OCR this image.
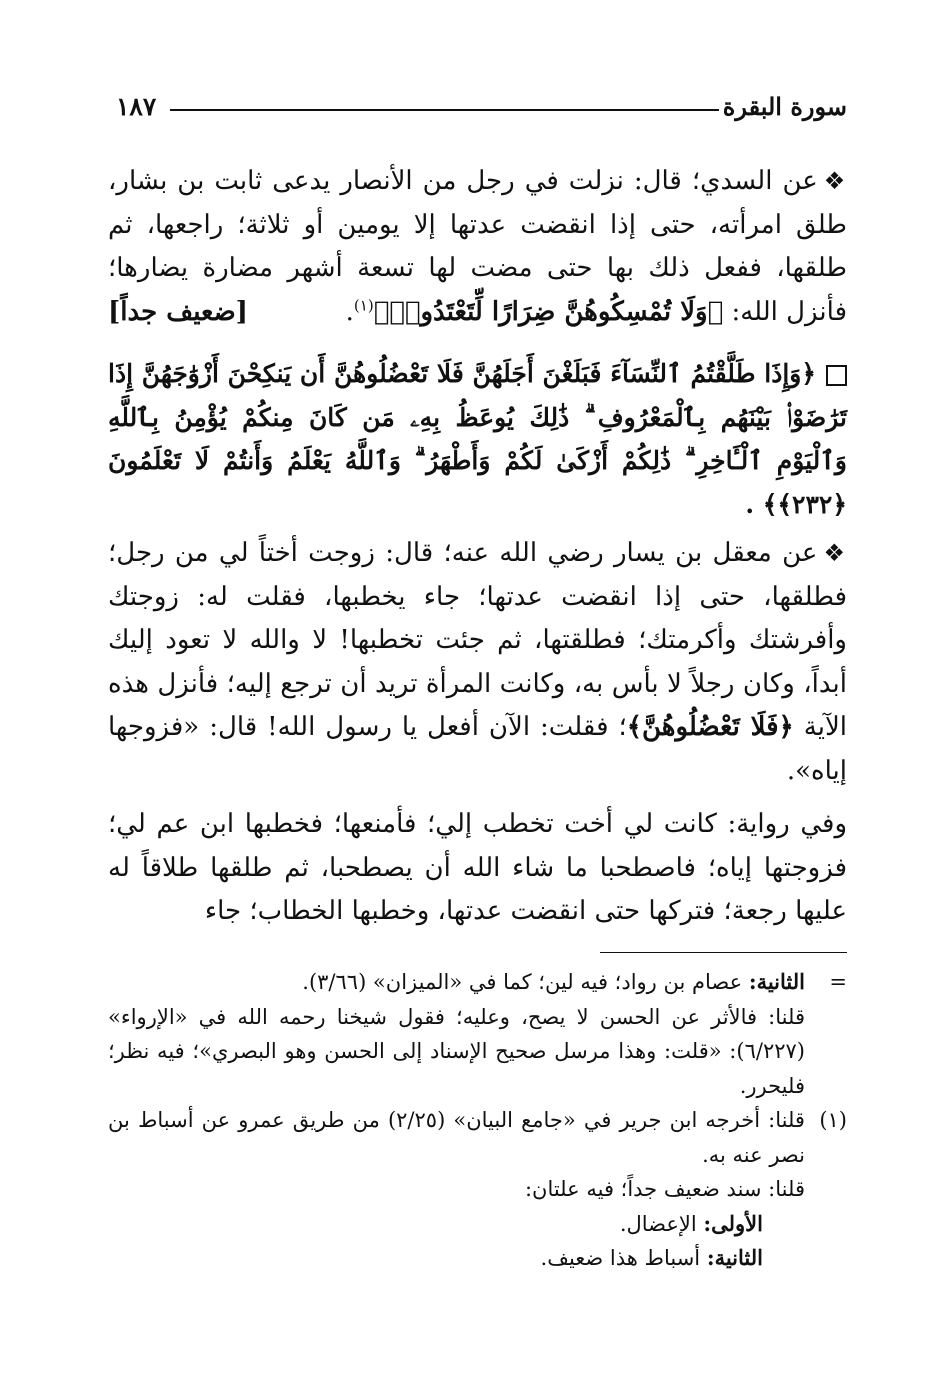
سورة البقرة
١٨٧

❖عن السدي؛ قال: نزلت في رجل من الأنصار يدعى ثابت بن بشار، طلق امرأته، حتى إذا انقضت عدتها إلا يومين أو ثلاثة؛ راجعها، ثم طلقها، ففعل ذلك بها حتى مضت لها تسعة أشهر مضارة يضارها؛ فأنزل الله: ﴿وَلَا تُمْسِكُوهُنَّ ضِرَارًا لِّتَعْتَدُوا۟﴾$^{(١)}$.
[ضعيف جداً]

﴿وَإِذَا طَلَّقْتُمُ ٱلنِّسَآءَ فَبَلَغْنَ أَجَلَهُنَّ فَلَا تَعْضُلُوهُنَّ أَن يَنكِحْنَ أَزْوَٰجَهُنَّ إِذَا تَرَٰضَوْا۟ بَيْنَهُم بِٱلْمَعْرُوفِ ۗ ذَٰلِكَ يُوعَظُ بِهِۦ مَن كَانَ مِنكُمْ يُؤْمِنُ بِٱللَّهِ وَٱلْيَوْمِ ٱلْـَٔاخِرِ ۗ ذَٰلِكُمْ أَزْكَىٰ لَكُمْ وَأَطْهَرُ ۗ وَٱللَّهُ يَعْلَمُ وَأَنتُمْ لَا تَعْلَمُونَ ﴿٢٣٢﴾﴾ .

❖عن معقل بن يسار رضي الله عنه؛ قال: زوجت أختاً لي من رجل؛ فطلقها، حتى إذا انقضت عدتها؛ جاء يخطبها، فقلت له: زوجتك وأفرشتك وأكرمتك؛ فطلقتها، ثم جئت تخطبها! لا والله لا تعود إليك أبداً، وكان رجلاً لا بأس به، وكانت المرأة تريد أن ترجع إليه؛ فأنزل هذه الآية ﴿فَلَا تَعْضُلُوهُنَّ﴾؛ فقلت: الآن أفعل يا رسول الله! قال: «فزوجها إياه».

وفي رواية: كانت لي أخت تخطب إلي؛ فأمنعها؛ فخطبها ابن عم لي؛ فزوجتها إياه؛ فاصطحبا ما شاء الله أن يصطحبا، ثم طلقها طلاقاً له عليها رجعة؛ فتركها حتى انقضت عدتها، وخطبها الخطاب؛ جاء

=
الثانية: عصام بن رواد؛ فيه لين؛ كما في «الميزان» (٣/٦٦).

قلنا: فالأثر عن الحسن لا يصح، وعليه؛ فقول شيخنا رحمه الله في «الإرواء» (٦/٢٢٧): «قلت: وهذا مرسل صحيح الإسناد إلى الحسن وهو البصري»؛ فيه نظر؛ فليحرر.

(١)
قلنا: أخرجه ابن جرير في «جامع البيان» (٢/٢٥) من طريق عمرو عن أسباط بن نصر عنه به.

قلنا: سند ضعيف جداً؛ فيه علتان:

الأولى: الإعضال.

الثانية: أسباط هذا ضعيف.
